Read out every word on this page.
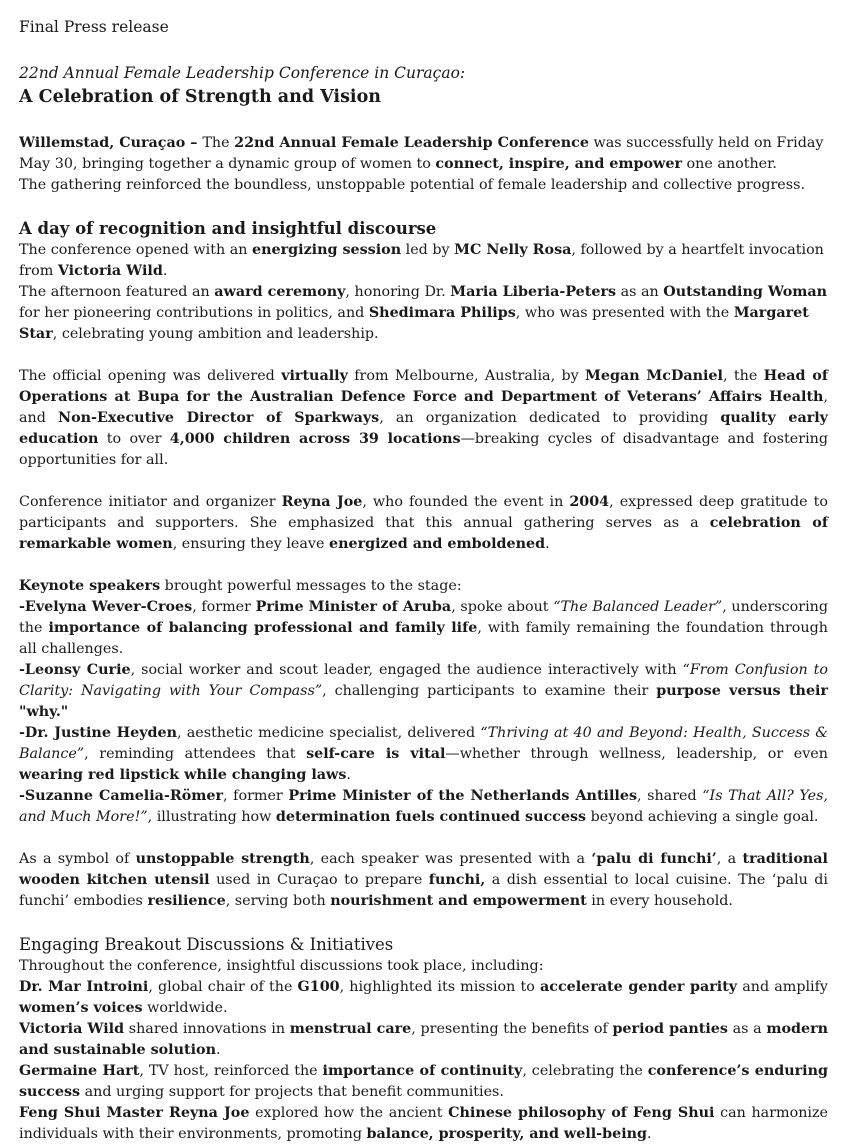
Final Press release

22nd Annual Female Leadership Conference in Curaçao:

A Celebration of Strength and Vision

Willemstad, Curaçao – The 22nd Annual Female Leadership Conference was successfully held on Friday May 30, bringing together a dynamic group of women to connect, inspire, and empower one another.

The gathering reinforced the boundless, unstoppable potential of female leadership and collective progress.

A day of recognition and insightful discourse

The conference opened with an energizing session led by MC Nelly Rosa, followed by a heartfelt invocation from Victoria Wild.

The afternoon featured an award ceremony, honoring Dr. Maria Liberia-Peters as an Outstanding Woman for her pioneering contributions in politics, and Shedimara Philips, who was presented with the Margaret Star, celebrating young ambition and leadership.

The official opening was delivered virtually from Melbourne, Australia, by Megan McDaniel, the Head of Operations at Bupa for the Australian Defence Force and Department of Veterans’ Affairs Health, and Non-Executive Director of Sparkways, an organization dedicated to providing quality early education to over 4,000 children across 39 locations—breaking cycles of disadvantage and fostering opportunities for all.

Conference initiator and organizer Reyna Joe, who founded the event in 2004, expressed deep gratitude to participants and supporters. She emphasized that this annual gathering serves as a celebration of remarkable women, ensuring they leave energized and emboldened.

Keynote speakers brought powerful messages to the stage:

-Evelyna Wever-Croes, former Prime Minister of Aruba, spoke about “The Balanced Leader”, underscoring the importance of balancing professional and family life, with family remaining the foundation through all challenges.

-Leonsy Curie, social worker and scout leader, engaged the audience interactively with “From Confusion to Clarity: Navigating with Your Compass”, challenging participants to examine their purpose versus their "why."

-Dr. Justine Heyden, aesthetic medicine specialist, delivered “Thriving at 40 and Beyond: Health, Success & Balance”, reminding attendees that self-care is vital—whether through wellness, leadership, or even wearing red lipstick while changing laws.

-Suzanne Camelia-Römer, former Prime Minister of the Netherlands Antilles, shared “Is That All? Yes, and Much More!”, illustrating how determination fuels continued success beyond achieving a single goal.

As a symbol of unstoppable strength, each speaker was presented with a ‘palu di funchi’, a traditional wooden kitchen utensil used in Curaçao to prepare funchi, a dish essential to local cuisine. The ‘palu di funchi’ embodies resilience, serving both nourishment and empowerment in every household.

Engaging Breakout Discussions & Initiatives

Throughout the conference, insightful discussions took place, including:

Dr. Mar Introini, global chair of the G100, highlighted its mission to accelerate gender parity and amplify women’s voices worldwide.

Victoria Wild shared innovations in menstrual care, presenting the benefits of period panties as a modern and sustainable solution.

Germaine Hart, TV host, reinforced the importance of continuity, celebrating the conference’s enduring success and urging support for projects that benefit communities.

Feng Shui Master Reyna Joe explored how the ancient Chinese philosophy of Feng Shui can harmonize individuals with their environments, promoting balance, prosperity, and well-being.
